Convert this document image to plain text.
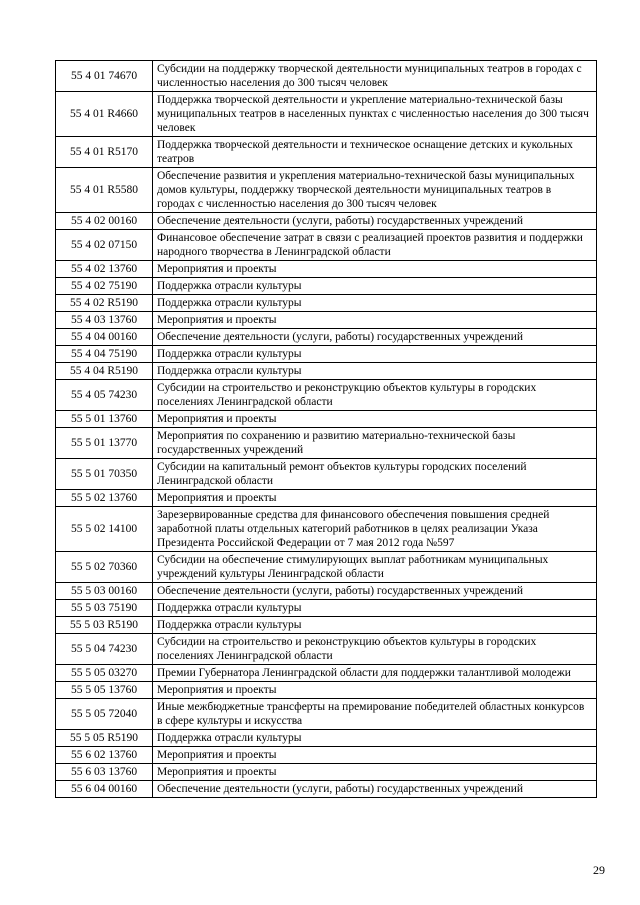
55 4 01 74670	Субсидии на поддержку творческой деятельности муниципальных театров в городах с численностью населения до 300 тысяч человек
55 4 01 R4660	Поддержка творческой деятельности и укрепление материально-технической базы муниципальных театров в населенных пунктах с численностью населения до 300 тысяч человек
55 4 01 R5170	Поддержка творческой деятельности и техническое оснащение детских и кукольных театров
55 4 01 R5580	Обеспечение развития и укрепления материально-технической базы муниципальных домов культуры, поддержку творческой деятельности муниципальных театров в городах с численностью населения до 300 тысяч человек
55 4 02 00160	Обеспечение деятельности (услуги, работы) государственных учреждений
55 4 02 07150	Финансовое обеспечение затрат в связи с реализацией проектов развития и поддержки народного творчества в Ленинградской области
55 4 02 13760	Мероприятия и проекты
55 4 02 75190	Поддержка отрасли культуры
55 4 02 R5190	Поддержка отрасли культуры
55 4 03 13760	Мероприятия и проекты
55 4 04 00160	Обеспечение деятельности (услуги, работы) государственных учреждений
55 4 04 75190	Поддержка отрасли культуры
55 4 04 R5190	Поддержка отрасли культуры
55 4 05 74230	Субсидии на строительство и реконструкцию объектов культуры в городских поселениях Ленинградской области
55 5 01 13760	Мероприятия и проекты
55 5 01 13770	Мероприятия по сохранению и развитию материально-технической базы государственных учреждений
55 5 01 70350	Субсидии на капитальный ремонт объектов культуры городских поселений Ленинградской области
55 5 02 13760	Мероприятия и проекты
55 5 02 14100	Зарезервированные средства для финансового обеспечения повышения средней заработной платы отдельных категорий работников в целях реализации Указа Президента Российской Федерации от 7 мая 2012 года №597
55 5 02 70360	Субсидии на обеспечение стимулирующих выплат работникам муниципальных учреждений культуры Ленинградской области
55 5 03 00160	Обеспечение деятельности (услуги, работы) государственных учреждений
55 5 03 75190	Поддержка отрасли культуры
55 5 03 R5190	Поддержка отрасли культуры
55 5 04 74230	Субсидии на строительство и реконструкцию объектов культуры в городских поселениях Ленинградской области
55 5 05 03270	Премии Губернатора Ленинградской области для поддержки талантливой молодежи
55 5 05 13760	Мероприятия и проекты
55 5 05 72040	Иные межбюджетные трансферты на премирование победителей областных конкурсов в сфере культуры и искусства
55 5 05 R5190	Поддержка отрасли культуры
55 6 02 13760	Мероприятия и проекты
55 6 03 13760	Мероприятия и проекты
55 6 04 00160	Обеспечение деятельности (услуги, работы) государственных учреждений
29
